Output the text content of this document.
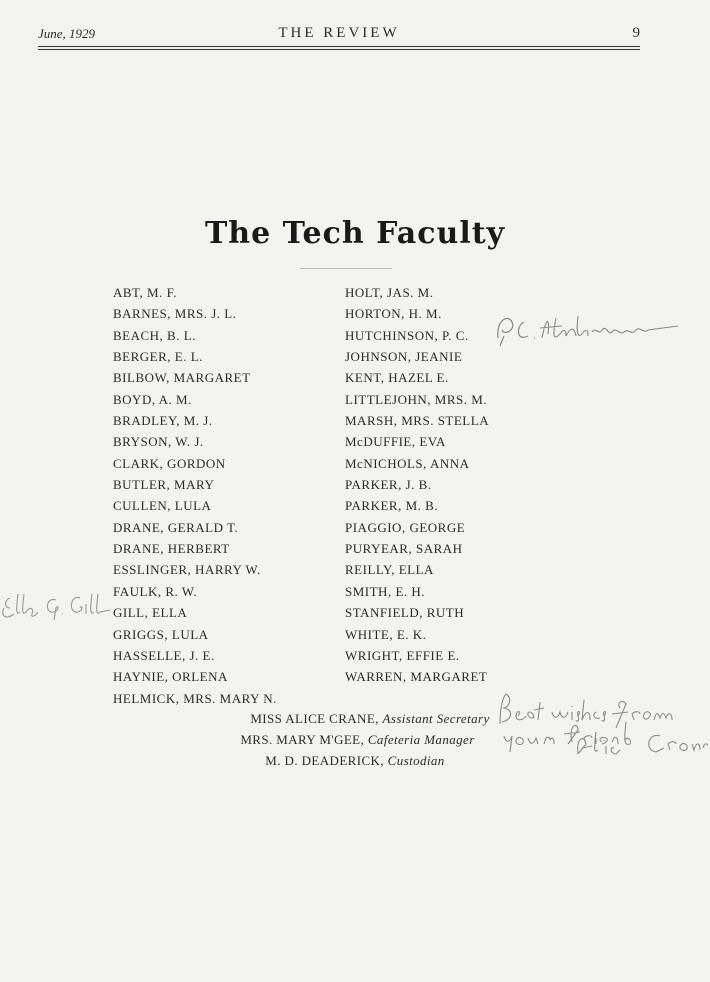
June, 1929	THE REVIEW	9
The Tech Faculty
ABT, M. F.
BARNES, MRS. J. L.
BEACH, B. L.
BERGER, E. L.
BILBOW, MARGARET
BOYD, A. M.
BRADLEY, M. J.
BRYSON, W. J.
CLARK, GORDON
BUTLER, MARY
CULLEN, LULA
DRANE, GERALD T.
DRANE, HERBERT
ESSLINGER, HARRY W.
FAULK, R. W.
GILL, ELLA
GRIGGS, LULA
HASSELLE, J. E.
HAYNIE, ORLENA
HELMICK, MRS. MARY N.
HOLT, JAS. M.
HORTON, H. M.
HUTCHINSON, P. C.
JOHNSON, JEANIE
KENT, HAZEL E.
LITTLEJOHN, MRS. M.
MARSH, MRS. STELLA
McDUFFIE, EVA
McNICHOLS, ANNA
PARKER, J. B.
PARKER, M. B.
PIAGGIO, GEORGE
PURYEAR, SARAH
REILLY, ELLA
SMITH, E. H.
STANFIELD, RUTH
WHITE, E. K.
WRIGHT, EFFIE E.
WARREN, MARGARET
MISS ALICE CRANE, Assistant Secretary
MRS. MARY M'GEE, Cafeteria Manager
M. D. DEADERICK, Custodian
